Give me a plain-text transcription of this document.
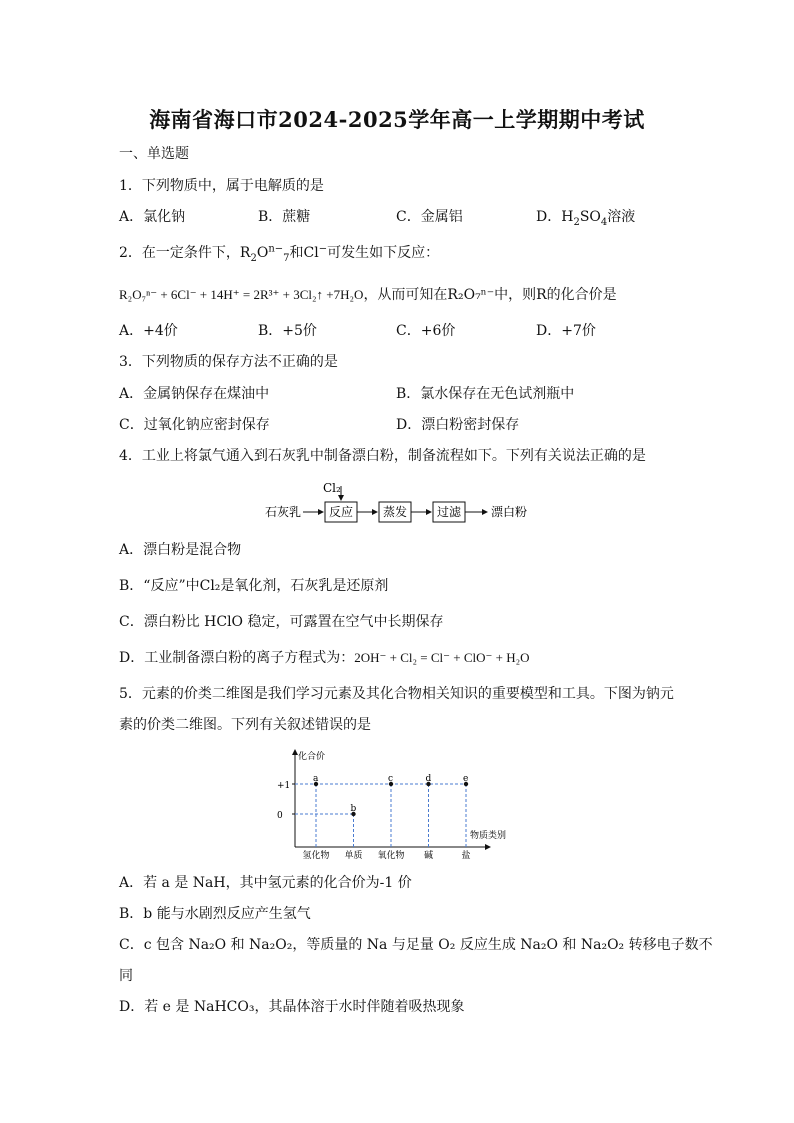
海南省海口市2024-2025学年高一上学期期中考试
一、单选题
1．下列物质中，属于电解质的是
A．氯化钠	B．蔗糖	C．金属铝	D．$H_2SO_4$溶液
2．在一定条件下，$R_2O^{n-}_7$和Cl−可发生如下反应：
R₂O₇ⁿ⁻ + 6Cl⁻ + 14H⁺ = 2R³⁺ + 3Cl₂↑ +7H₂O，从而可知在R₂O₇ⁿ⁻中，则R的化合价是
A．+4价	B．+5价	C．+6价	D．+7价
3．下列物质的保存方法不正确的是
A．金属钠保存在煤油中	B．氯水保存在无色试剂瓶中
C．过氧化钠应密封保存	D．漂白粉密封保存
4．工业上将氯气通入到石灰乳中制备漂白粉，制备流程如下。下列有关说法正确的是
Cl₂
石灰乳 反应 蒸发 过滤 漂白粉
A．漂白粉是混合物
B．“反应”中Cl₂是氧化剂，石灰乳是还原剂
C．漂白粉比 HClO 稳定，可露置在空气中长期保存
D．工业制备漂白粉的离子方程式为：2OH⁻ + Cl₂ = Cl⁻ + ClO⁻ + H₂O
5．元素的价类二维图是我们学习元素及其化合物相关知识的重要模型和工具。下图为钠元
素的价类二维图。下列有关叙述错误的是
化合价
物质类别
+1
0
氢化物 单质 氧化物 碱	盐
a
b
c	d	e
A．若 a 是 NaH，其中氢元素的化合价为-1 价
B．b 能与水剧烈反应产生氢气
C．c 包含 Na₂O 和 Na₂O₂，等质量的 Na 与足量 O₂ 反应生成 Na₂O 和 Na₂O₂ 转移电子数不
同
D．若 e 是 NaHCO₃，其晶体溶于水时伴随着吸热现象
